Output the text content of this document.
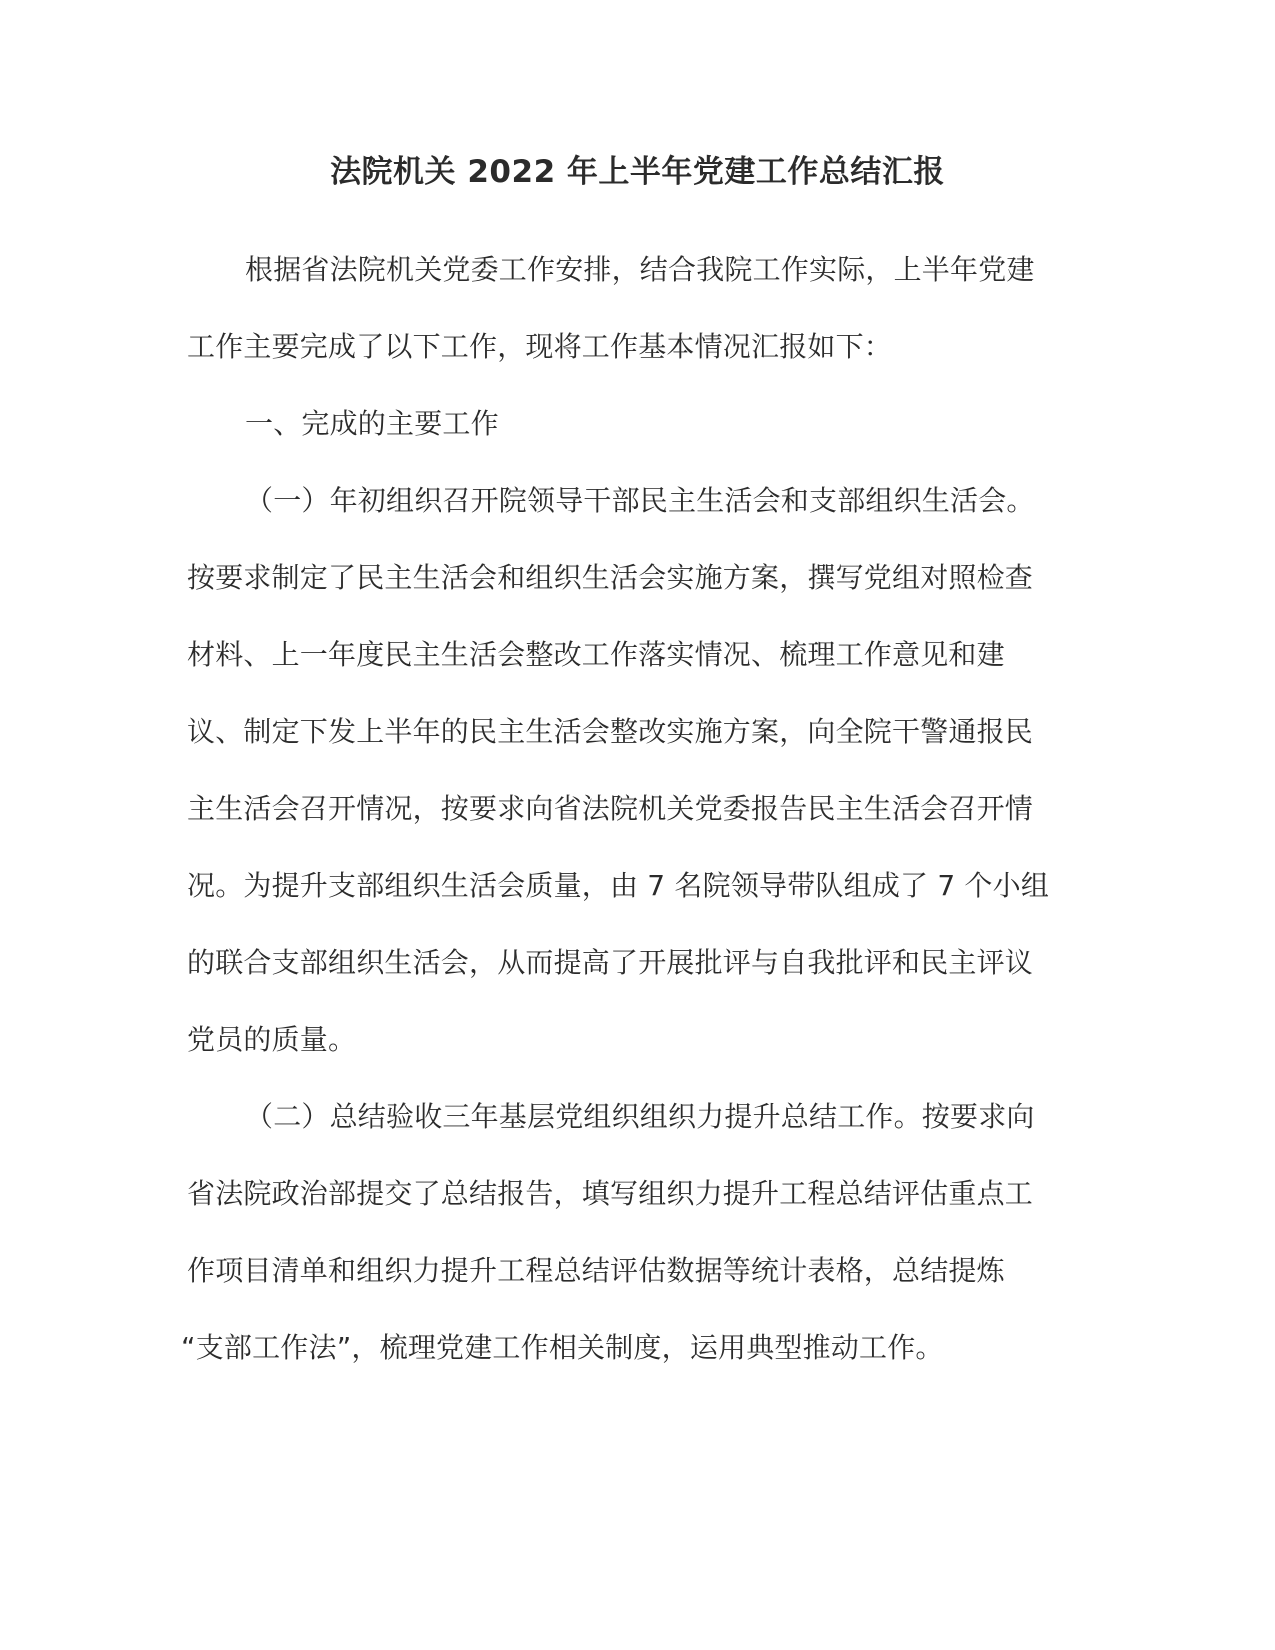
法院机关 2022 年上半年党建工作总结汇报
根据省法院机关党委工作安排，结合我院工作实际，上半年党建
工作主要完成了以下工作，现将工作基本情况汇报如下：
一、完成的主要工作
（一）年初组织召开院领导干部民主生活会和支部组织生活会。
按要求制定了民主生活会和组织生活会实施方案，撰写党组对照检查
材料、上一年度民主生活会整改工作落实情况、梳理工作意见和建
议、制定下发上半年的民主生活会整改实施方案，向全院干警通报民
主生活会召开情况，按要求向省法院机关党委报告民主生活会召开情
况。为提升支部组织生活会质量，由 7 名院领导带队组成了 7 个小组
的联合支部组织生活会，从而提高了开展批评与自我批评和民主评议
党员的质量。
（二）总结验收三年基层党组织组织力提升总结工作。按要求向
省法院政治部提交了总结报告，填写组织力提升工程总结评估重点工
作项目清单和组织力提升工程总结评估数据等统计表格，总结提炼
“支部工作法”，梳理党建工作相关制度，运用典型推动工作。
